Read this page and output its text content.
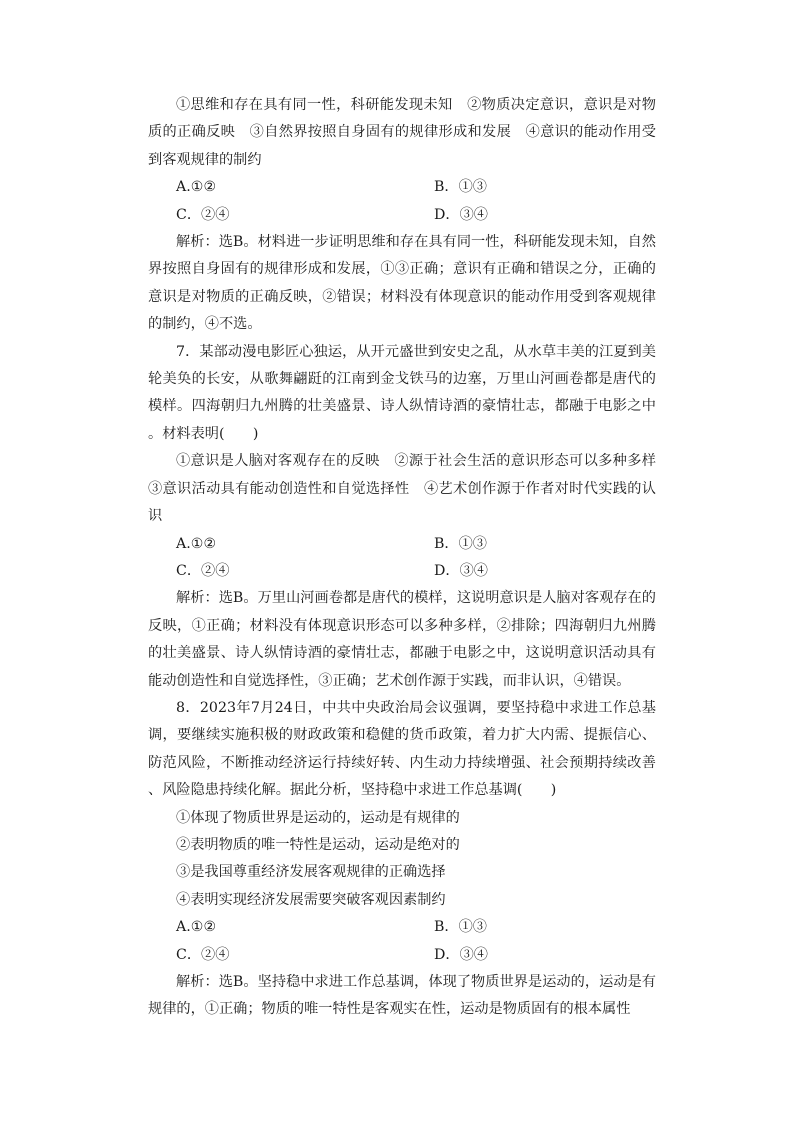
①思维和存在具有同一性，科研能发现未知　②物质决定意识，意识是对物质的正确反映　③自然界按照自身固有的规律形成和发展　④意识的能动作用受到客观规律的制约
A.①②	B．①③
C．②④	D．③④
解析：选B。材料进一步证明思维和存在具有同一性，科研能发现未知，自然界按照自身固有的规律形成和发展，①③正确；意识有正确和错误之分，正确的意识是对物质的正确反映，②错误；材料没有体现意识的能动作用受到客观规律的制约，④不选。
7．某部动漫电影匠心独运，从开元盛世到安史之乱，从水草丰美的江夏到美轮美奂的长安，从歌舞翩跹的江南到金戈铁马的边塞，万里山河画卷都是唐代的模样。四海朝归九州腾的壮美盛景、诗人纵情诗酒的豪情壮志，都融于电影之中。材料表明(　　)
①意识是人脑对客观存在的反映　②源于社会生活的意识形态可以多种多样　③意识活动具有能动创造性和自觉选择性　④艺术创作源于作者对时代实践的认识
A.①②	B．①③
C．②④	D．③④
解析：选B。万里山河画卷都是唐代的模样，这说明意识是人脑对客观存在的反映，①正确；材料没有体现意识形态可以多种多样，②排除；四海朝归九州腾的壮美盛景、诗人纵情诗酒的豪情壮志，都融于电影之中，这说明意识活动具有能动创造性和自觉选择性，③正确；艺术创作源于实践，而非认识，④错误。
8．2023年7月24日，中共中央政治局会议强调，要坚持稳中求进工作总基调，要继续实施积极的财政政策和稳健的货币政策，着力扩大内需、提振信心、防范风险，不断推动经济运行持续好转、内生动力持续增强、社会预期持续改善、风险隐患持续化解。据此分析，坚持稳中求进工作总基调(　　)
①体现了物质世界是运动的，运动是有规律的
②表明物质的唯一特性是运动，运动是绝对的
③是我国尊重经济发展客观规律的正确选择
④表明实现经济发展需要突破客观因素制约
A.①②	B．①③
C．②④	D．③④
解析：选B。坚持稳中求进工作总基调，体现了物质世界是运动的，运动是有规律的，①正确；物质的唯一特性是客观实在性，运动是物质固有的根本属性
